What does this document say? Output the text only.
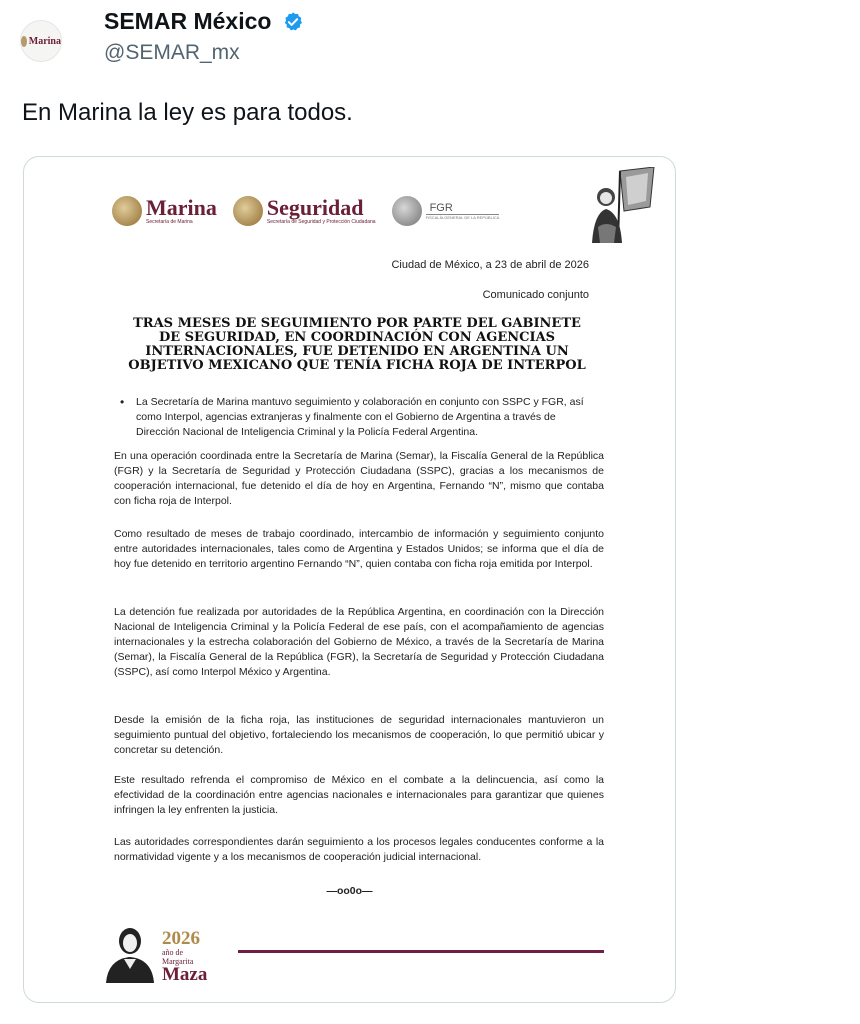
Marina
SEMAR México
@SEMAR_mx
En Marina la ley es para todos.
Marina
Secretaría de Marina
Seguridad
Secretaría de Seguridad y Protección Ciudadana
FGR
FISCALÍA GENERAL DE LA REPÚBLICA
Ciudad de México, a 23 de abril de 2026
Comunicado conjunto
TRAS MESES DE SEGUIMIENTO POR PARTE DEL GABINETE
DE SEGURIDAD, EN COORDINACIÓN CON AGENCIAS
INTERNACIONALES, FUE DETENIDO EN ARGENTINA UN
OBJETIVO MEXICANO QUE TENÍA FICHA ROJA DE INTERPOL
• La Secretaría de Marina mantuvo seguimiento y colaboración en conjunto con SSPC y FGR, así como Interpol, agencias extranjeras y finalmente con el Gobierno de Argentina a través de Dirección Nacional de Inteligencia Criminal y la Policía Federal Argentina.
En una operación coordinada entre la Secretaría de Marina (Semar), la Fiscalía General de la República (FGR) y la Secretaría de Seguridad y Protección Ciudadana (SSPC), gracias a los mecanismos de cooperación internacional, fue detenido el día de hoy en Argentina, Fernando “N”, mismo que contaba con ficha roja de Interpol.
Como resultado de meses de trabajo coordinado, intercambio de información y seguimiento conjunto entre autoridades internacionales, tales como de Argentina y Estados Unidos; se informa que el día de hoy fue detenido en territorio argentino Fernando “N”, quien contaba con ficha roja emitida por Interpol.
La detención fue realizada por autoridades de la República Argentina, en coordinación con la Dirección Nacional de Inteligencia Criminal y la Policía Federal de ese país, con el acompañamiento de agencias internacionales y la estrecha colaboración del Gobierno de México, a través de la Secretaría de Marina (Semar), la Fiscalía General de la República (FGR), la Secretaría de Seguridad y Protección Ciudadana (SSPC), así como Interpol México y Argentina.
Desde la emisión de la ficha roja, las instituciones de seguridad internacionales mantuvieron un seguimiento puntual del objetivo, fortaleciendo los mecanismos de cooperación, lo que permitió ubicar y concretar su detención.
Este resultado refrenda el compromiso de México en el combate a la delincuencia, así como la efectividad de la coordinación entre agencias nacionales e internacionales para garantizar que quienes infringen la ley enfrenten la justicia.
Las autoridades correspondientes darán seguimiento a los procesos legales conducentes conforme a la normatividad vigente y a los mecanismos de cooperación judicial internacional.
—oo0o—
2026
año de
Margarita
Maza
